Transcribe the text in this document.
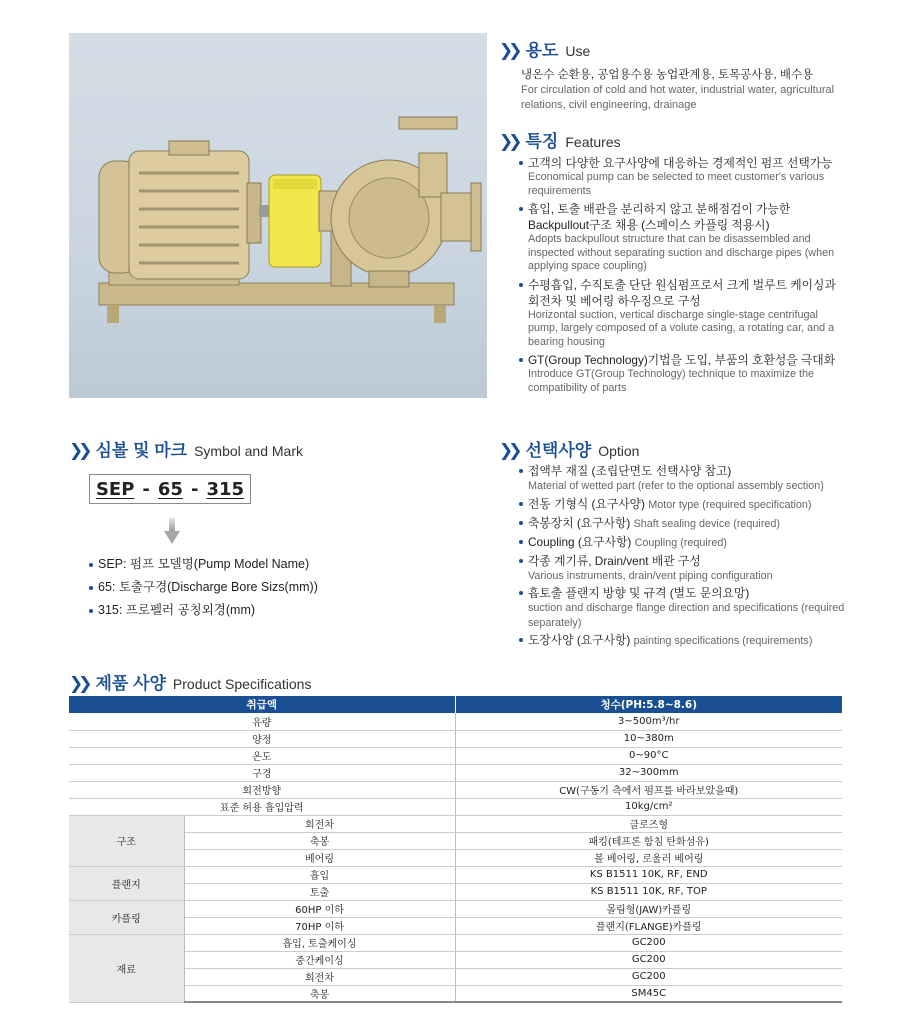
❯❯ 용도 Use
냉온수 순환용, 공업용수용 농업관계용, 토목공사용, 배수용
For circulation of cold and hot water, industrial water, agricultural relations, civil engineering, drainage
❯❯ 특징 Features
고객의 다양한 요구사양에 대응하는 경제적인 펌프 선택가능
Economical pump can be selected to meet customer's various requirements
흡입, 토출 배관을 분리하지 않고 분해점검이 가능한 Backpullout구조 채용 (스페이스 카플링 적용시)
Adopts backpullout structure that can be disassembled and inspected without separating suction and discharge pipes (when applying space coupling)
수평흡입, 수직토출 단단 원심펌프로서 크게 벌루트 케이싱과 회전차 및 베어링 하우징으로 구성
Horizontal suction, vertical discharge single-stage centrifugal pump, largely composed of a volute casing, a rotating car, and a bearing housing
GT(Group Technology)기법을 도입, 부품의 호환성을 극대화
Introduce GT(Group Technology) technique to maximize the compatibility of parts
❯❯ 심볼 및 마크 Symbol and Mark
SEP - 65 - 315
SEP: 펌프 모델명(Pump Model Name)
65: 토출구경(Discharge Bore Sizs(mm))
315: 프로펠러 공칭외경(mm)
❯❯ 선택사양 Option
접액부 재질 (조립단면도 선택사양 참고)
Material of wetted part (refer to the optional assembly section)
전동 기형식 (요구사양) Motor type (required specification)
축봉장치 (요구사항) Shaft sealing device (required)
Coupling (요구사항) Coupling (required)
각종 계기류, Drain/vent 배관 구성
Various instruments, drain/vent piping configuration
흡토출 플랜지 방향 및 규격 (별도 문의요망)
suction and discharge flange direction and specifications (required separately)
도장사양 (요구사항) painting specifications (requirements)
❯❯ 제품 사양 Product Specifications
취급액		청수(PH:5.8~8.6)
유량		3~500m³/hr
양정		10~380m
온도		0~90°C
구경		32~300mm
회전방향		CW(구동기 측에서 펌프를 바라보았을때)
표준 허용 흡입압력		10kg/cm²
구조	회전차	클로즈형
	축봉	패킹(테프론 함침 탄화섬유)
	베어링	볼 베어링, 로울러 베어링
플랜지	흡입	KS B1511 10K, RF, END
	토출	KS B1511 10K, RF, TOP
카플링	60HP 이하	몰림형(JAW)카플링
	70HP 이하	플랜지(FLANGE)카플링
재료	흡입, 토출케이싱	GC200
	중간케이싱	GC200
	회전차	GC200
	축봉	SM45C
